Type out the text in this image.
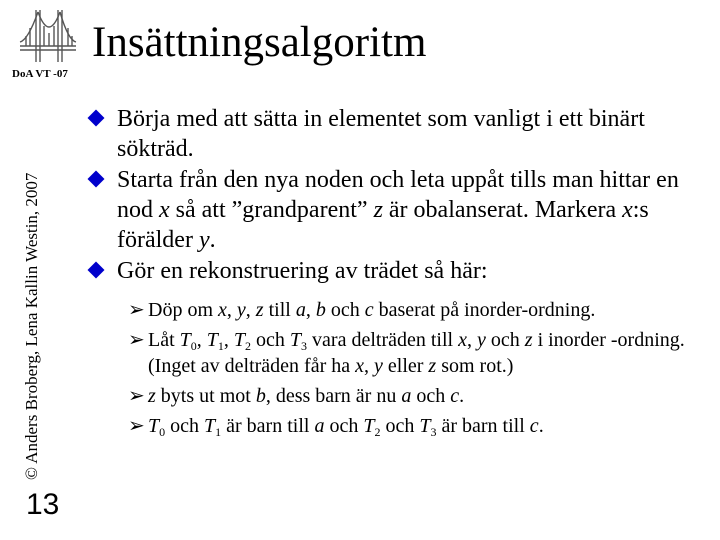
DoA VT -07
© Anders Broberg, Lena Kallin Westin, 2007
13
Insättningsalgoritm
Börja med att sätta in elementet som vanligt i ett binärt sökträd.
Starta från den nya noden och leta uppåt tills man hittar en nod x så att ”grandparent” z är obalanserat. Markera x:s förälder y.
Gör en rekonstruering av trädet så här:
➢ Döp om x, y, z till a, b och c baserat på inorder-ordning.
➢ Låt $T_0$, $T_1$, $T_2$ och $T_3$ vara delträden till x, y och z i inorder -ordning. (Inget av delträden får ha x, y eller z som rot.)
➢ z byts ut mot b, dess barn är nu a och c.
➢ $T_0$ och $T_1$ är barn till a och $T_2$ och $T_3$ är barn till c.
